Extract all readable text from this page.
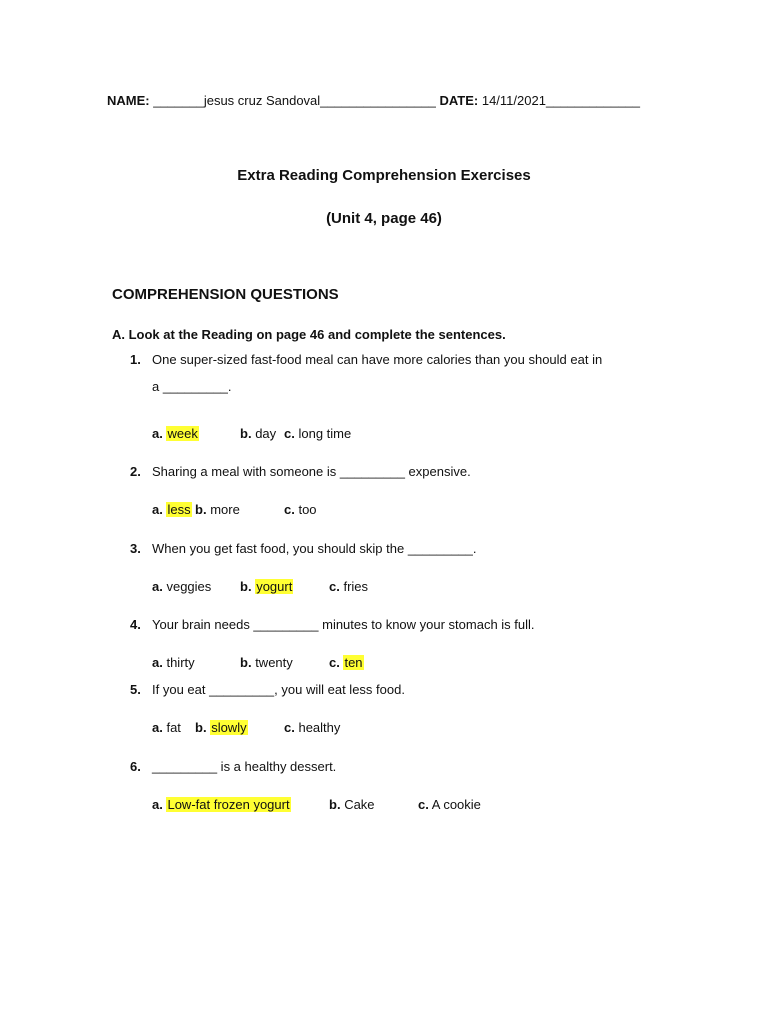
NAME: _______jesus cruz Sandoval________________ DATE: 14/11/2021_____________
Extra Reading Comprehension Exercises
(Unit 4, page 46)
COMPREHENSION QUESTIONS
A. Look at the Reading on page 46 and complete the sentences.
1. One super-sized fast-food meal can have more calories than you should eat in
a _________.
a. week	b. day c. long time
2. Sharing a meal with someone is _________ expensive.
a. less b. more	c. too
3. When you get fast food, you should skip the _________.
a. veggies b. yogurt	c. fries
4. Your brain needs _________ minutes to know your stomach is full.
a. thirty	b. twenty	c. ten
5. If you eat _________, you will eat less food.
a. fat b. slowly	c. healthy
6. _________ is a healthy dessert.
a. Low-fat frozen yogurt	b. Cake	c. A cookie
